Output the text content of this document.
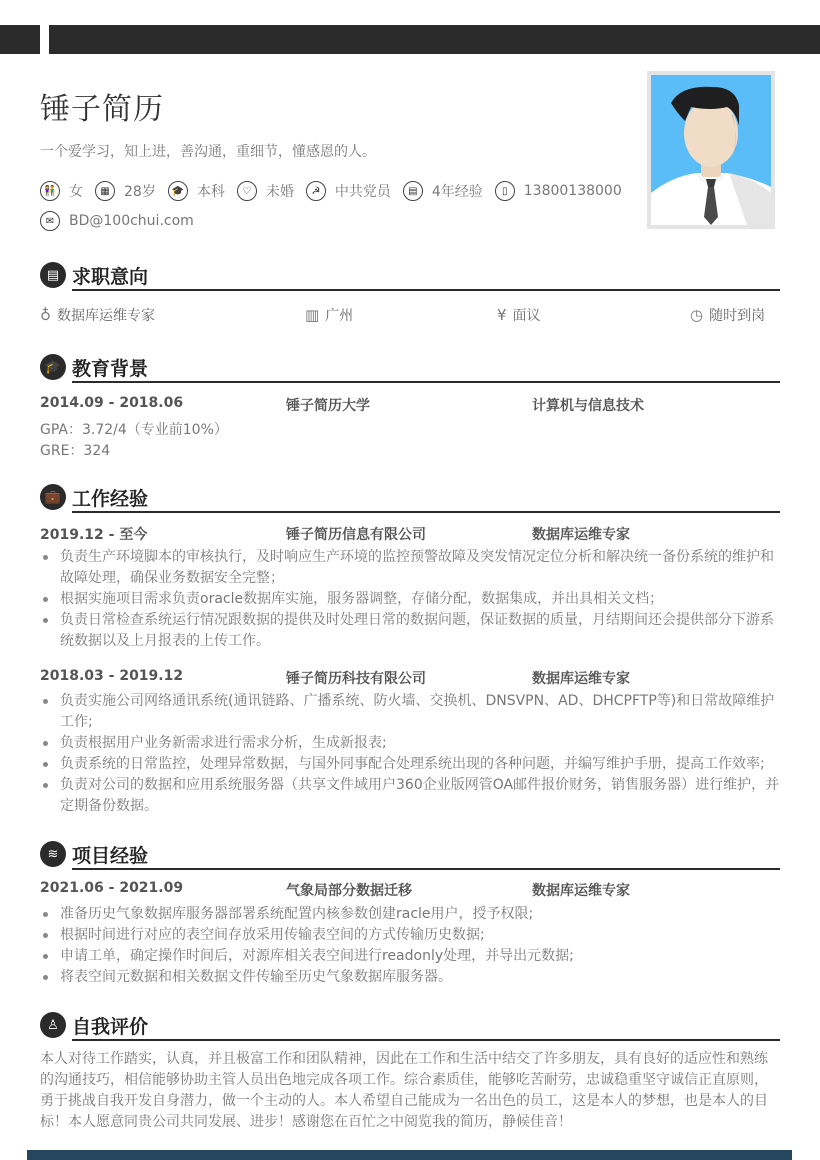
锤子简历
一个爱学习，知上进，善沟通，重细节，懂感恩的人。
👫 女	▦	28岁	🎓 本科	♡	未婚	☭	中共党员	▤	4年经验	▯	13800138000
✉	BD@100chui.com
▤ 求职意向
♁ 数据库运维专家	▥ 广州	¥ 面议	◷ 随时到岗
🎓 教育背景
2014.09 - 2018.06	锤子简历大学	计算机与信息技术
GPA：3.72/4（专业前10%）
GRE：324
💼 工作经验
2019.12 - 至今	锤子简历信息有限公司	数据库运维专家
负责生产环境脚本的审核执行，及时响应生产环境的监控预警故障及突发情况定位分析和解决统一备份系统的维护和故障处理，确保业务数据安全完整；
根据实施项目需求负责oracle数据库实施，服务器调整，存储分配，数据集成，并出具相关文档；
负责日常检查系统运行情况跟数据的提供及时处理日常的数据问题，保证数据的质量，月结期间还会提供部分下游系统数据以及上月报表的上传工作。
2018.03 - 2019.12	锤子简历科技有限公司	数据库运维专家
负责实施公司网络通讯系统(通讯链路、广播系统、防火墙、交换机、DNSVPN、AD、DHCPFTP等)和日常故障维护工作;
负责根据用户业务新需求进行需求分析，生成新报表;
负责系统的日常监控，处理异常数据，与国外同事配合处理系统出现的各种问题，并编写维护手册，提高工作效率;
负责对公司的数据和应用系统服务器（共享文件域用户360企业版网管OA邮件报价财务，销售服务器）进行维护，并定期备份数据。
≋ 项目经验
2021.06 - 2021.09	气象局部分数据迁移	数据库运维专家
准备历史气象数据库服务器部署系统配置内核参数创建racle用户，授予权限;
根据时间进行对应的表空间存放采用传输表空间的方式传输历史数据;
申请工单，确定操作时间后，对源库相关表空间进行readonly处理，并导出元数据;
将表空间元数据和相关数据文件传输至历史气象数据库服务器。
♙ 自我评价
本人对待工作踏实，认真，并且极富工作和团队精神，因此在工作和生活中结交了许多朋友，具有良好的适应性和熟练的沟通技巧，相信能够协助主管人员出色地完成各项工作。综合素质佳，能够吃苦耐劳，忠诚稳重坚守诚信正直原则，勇于挑战自我开发自身潜力，做一个主动的人。本人希望自己能成为一名出色的员工，这是本人的梦想，也是本人的目标！本人愿意同贵公司共同发展、进步！感谢您在百忙之中阅览我的简历，静候佳音！
